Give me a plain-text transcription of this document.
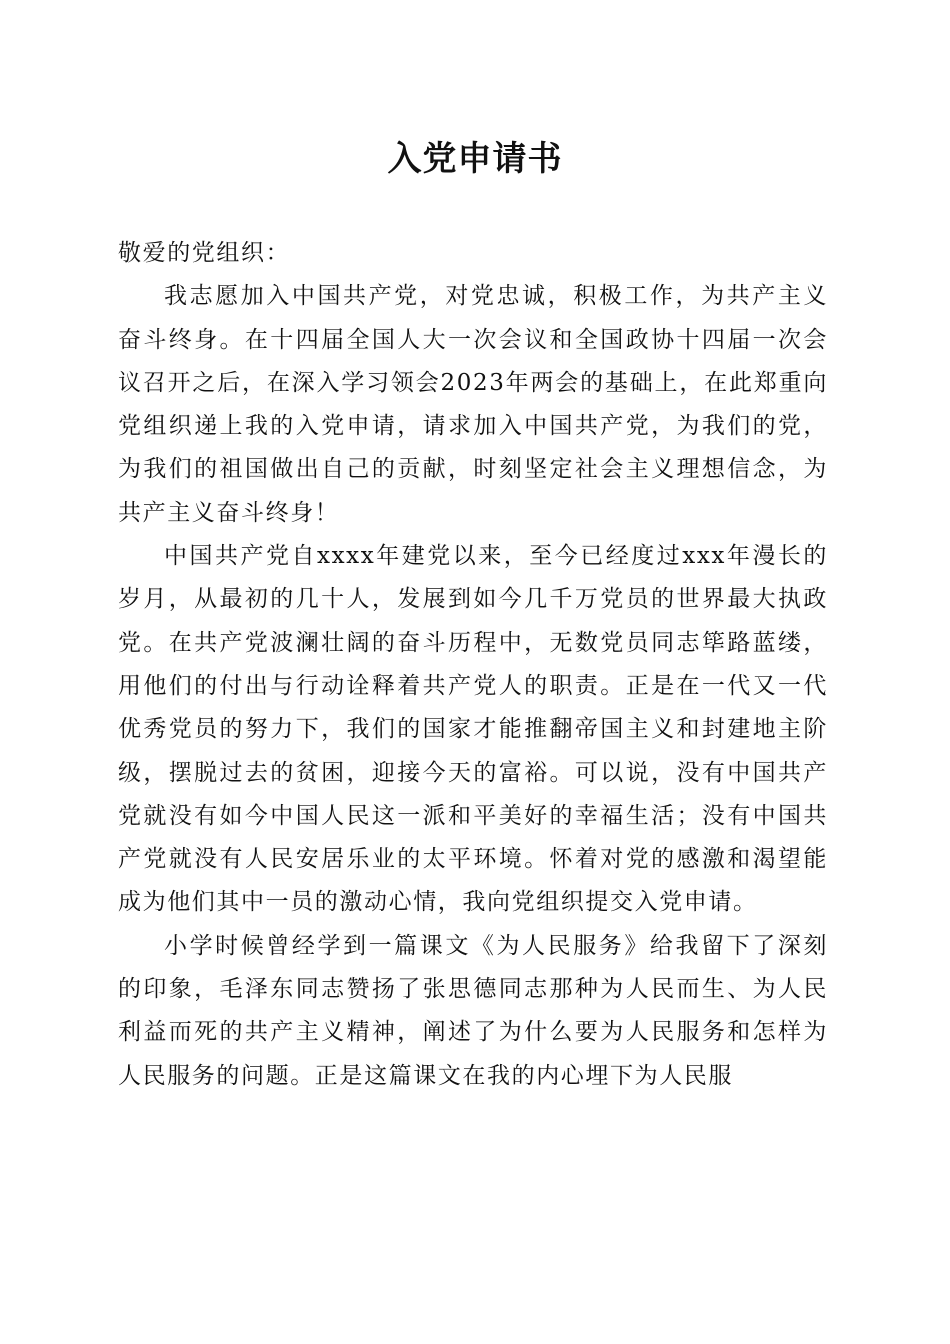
入党申请书

敬爱的党组织：

我志愿加入中国共产党，对党忠诚，积极工作，为共产主义奋斗终身。在十四届全国人大一次会议和全国政协十四届一次会议召开之后，在深入学习领会2023年两会的基础上，在此郑重向党组织递上我的入党申请，请求加入中国共产党，为我们的党，为我们的祖国做出自己的贡献，时刻坚定社会主义理想信念，为共产主义奋斗终身！

中国共产党自xxxx年建党以来，至今已经度过xxx年漫长的岁月，从最初的几十人，发展到如今几千万党员的世界最大执政党。在共产党波澜壮阔的奋斗历程中，无数党员同志筚路蓝缕，用他们的付出与行动诠释着共产党人的职责。正是在一代又一代优秀党员的努力下，我们的国家才能推翻帝国主义和封建地主阶级，摆脱过去的贫困，迎接今天的富裕。可以说，没有中国共产党就没有如今中国人民这一派和平美好的幸福生活；没有中国共产党就没有人民安居乐业的太平环境。怀着对党的感激和渴望能成为他们其中一员的激动心情，我向党组织提交入党申请。

小学时候曾经学到一篇课文《为人民服务》给我留下了深刻的印象，毛泽东同志赞扬了张思德同志那种为人民而生、为人民利益而死的共产主义精神，阐述了为什么要为人民服务和怎样为人民服务的问题。正是这篇课文在我的内心埋下为人民服
